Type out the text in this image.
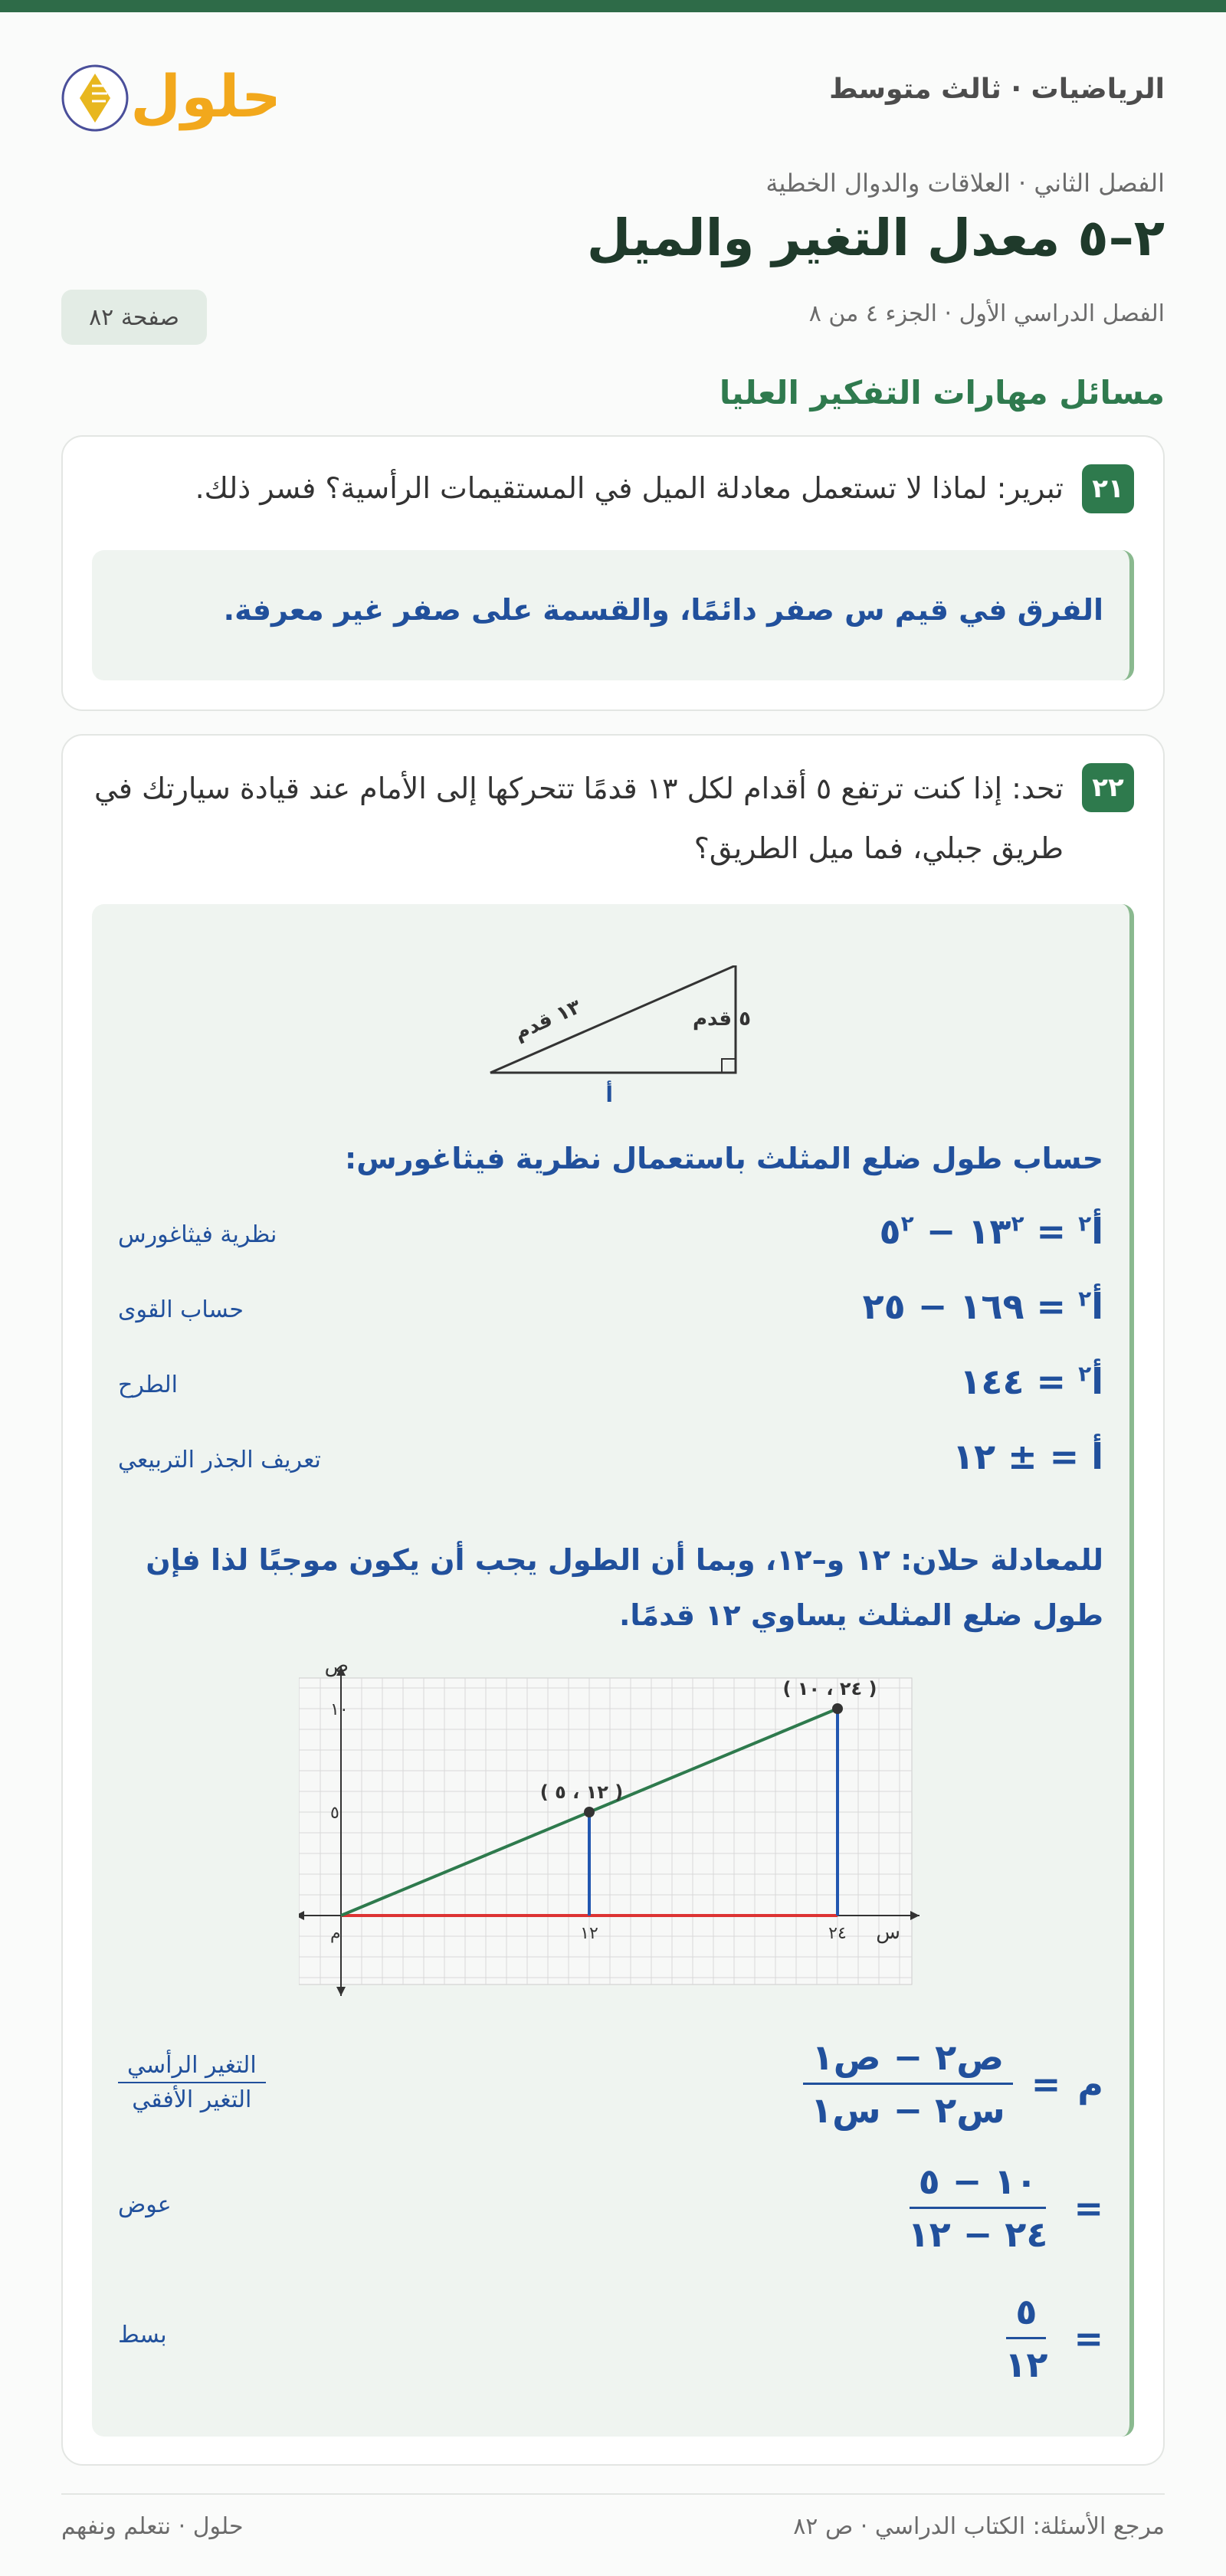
الرياضيات · ثالث متوسط
حلول
الفصل الثاني · العلاقات والدوال الخطية
٢–٥ معدل التغير والميل
الفصل الدراسي الأول · الجزء ٤ من ٨
صفحة ٨٢
مسائل مهارات التفكير العليا
٢١
تبرير: لماذا لا تستعمل معادلة الميل في المستقيمات الرأسية؟ فسر ذلك.
الفرق في قيم س صفر دائمًا، والقسمة على صفر غير معرفة.
٢٢
تحد: إذا كنت ترتفع ٥ أقدام لكل ١٣ قدمًا تتحركها إلى الأمام عند قيادة سيارتك في طريق جبلي، فما ميل الطريق؟
١٣ قدم	٥ قدم
أ
حساب طول ضلع المثلث باستعمال نظرية فيثاغورس:
أ$^٢$ = $١٣^٢$ − $٥^٢$
نظرية فيثاغورس
أ$^٢$ = ١٦٩ − ٢٥
حساب القوى
أ$^٢$ = ١٤٤
الطرح
أ = ± ١٢
تعريف الجذر التربيعي
للمعادلة حلان: ١٢ و–١٢، وبما أن الطول يجب أن يكون موجبًا لذا فإن طول ضلع المثلث يساوي ١٢ قدمًا.
( ١٢ ، ٥ )
( ٢٤ ، ١٠ )
١٢	٢٤
٥
١٠
س
ص
م
م
=
$\frac{\text{ص٢ − ص١}}{\text{س٢ − س١}}$
$\frac{\text{التغير الرأسي}}{\text{التغير الأفقي}}$
=
$\frac{١٠ - ٥}{٢٤ - ١٢}$
عوض
=
$\frac{٥}{١٢}$
بسط
مرجع الأسئلة: الكتاب الدراسي · ص ٨٢
حلول · نتعلم ونفهم
